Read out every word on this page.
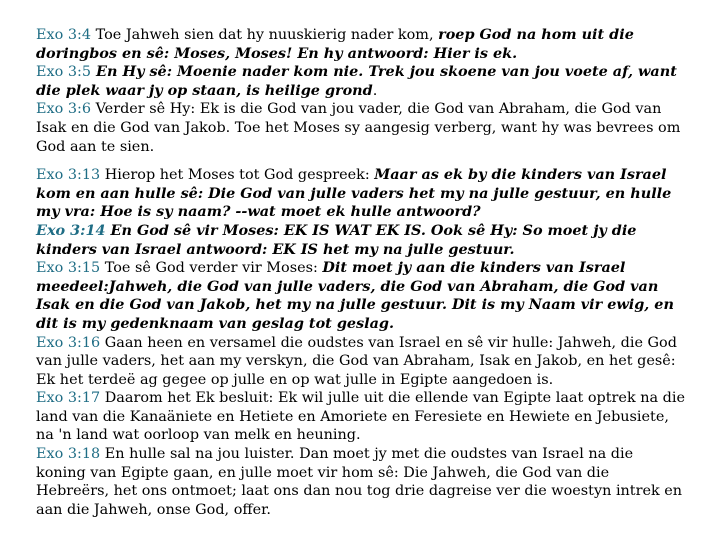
Exo 3:4 Toe Jahweh sien dat hy nuuskierig nader kom, roep God na hom uit die doringbos en sê: Moses, Moses! En hy antwoord: Hier is ek.

Exo 3:5 En Hy sê: Moenie nader kom nie. Trek jou skoene van jou voete af, want die plek waar jy op staan, is heilige grond.

Exo 3:6 Verder sê Hy: Ek is die God van jou vader, die God van Abraham, die God van Isak en die God van Jakob. Toe het Moses sy aangesig verberg, want hy was bevrees om God aan te sien.

Exo 3:13 Hierop het Moses tot God gespreek: Maar as ek by die kinders van Israel kom en aan hulle sê: Die God van julle vaders het my na julle gestuur, en hulle my vra: Hoe is sy naam? --wat moet ek hulle antwoord?

Exo 3:14 En God sê vir Moses: EK IS WAT EK IS. Ook sê Hy: So moet jy die kinders van Israel antwoord: EK IS het my na julle gestuur.

Exo 3:15 Toe sê God verder vir Moses: Dit moet jy aan die kinders van Israel meedeel:Jahweh, die God van julle vaders, die God van Abraham, die God van Isak en die God van Jakob, het my na julle gestuur. Dit is my Naam vir ewig, en dit is my gedenknaam van geslag tot geslag.

Exo 3:16 Gaan heen en versamel die oudstes van Israel en sê vir hulle: Jahweh, die God van julle vaders, het aan my verskyn, die God van Abraham, Isak en Jakob, en het gesê: Ek het terdeë ag gegee op julle en op wat julle in Egipte aangedoen is.

Exo 3:17 Daarom het Ek besluit: Ek wil julle uit die ellende van Egipte laat optrek na die land van die Kanaäniete en Hetiete en Amoriete en Feresiete en Hewiete en Jebusiete, na 'n land wat oorloop van melk en heuning.

Exo 3:18 En hulle sal na jou luister. Dan moet jy met die oudstes van Israel na die koning van Egipte gaan, en julle moet vir hom sê: Die Jahweh, die God van die Hebreërs, het ons ontmoet; laat ons dan nou tog drie dagreise ver die woestyn intrek en aan die Jahweh, onse God, offer.
